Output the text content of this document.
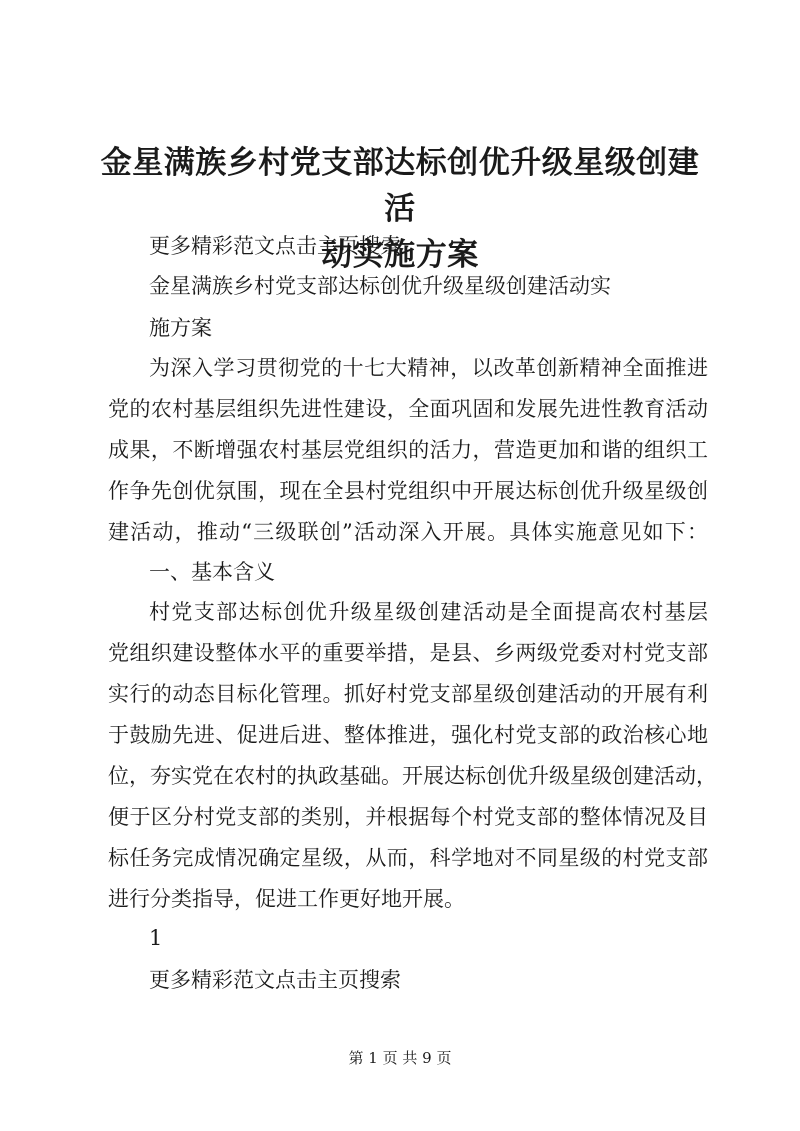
金星满族乡村党支部达标创优升级星级创建活
动实施方案
更多精彩范文点击主页搜索
金星满族乡村党支部达标创优升级星级创建活动实
施方案
为深入学习贯彻党的十七大精神，以改革创新精神全面推进
党的农村基层组织先进性建设，全面巩固和发展先进性教育活动
成果，不断增强农村基层党组织的活力，营造更加和谐的组织工
作争先创优氛围，现在全县村党组织中开展达标创优升级星级创
建活动，推动“三级联创”活动深入开展。具体实施意见如下：
一、基本含义
村党支部达标创优升级星级创建活动是全面提高农村基层
党组织建设整体水平的重要举措，是县、乡两级党委对村党支部
实行的动态目标化管理。抓好村党支部星级创建活动的开展有利
于鼓励先进、促进后进、整体推进，强化村党支部的政治核心地
位，夯实党在农村的执政基础。开展达标创优升级星级创建活动，
便于区分村党支部的类别，并根据每个村党支部的整体情况及目
标任务完成情况确定星级，从而，科学地对不同星级的村党支部
进行分类指导，促进工作更好地开展。
1
更多精彩范文点击主页搜索
第 1 页 共 9 页
